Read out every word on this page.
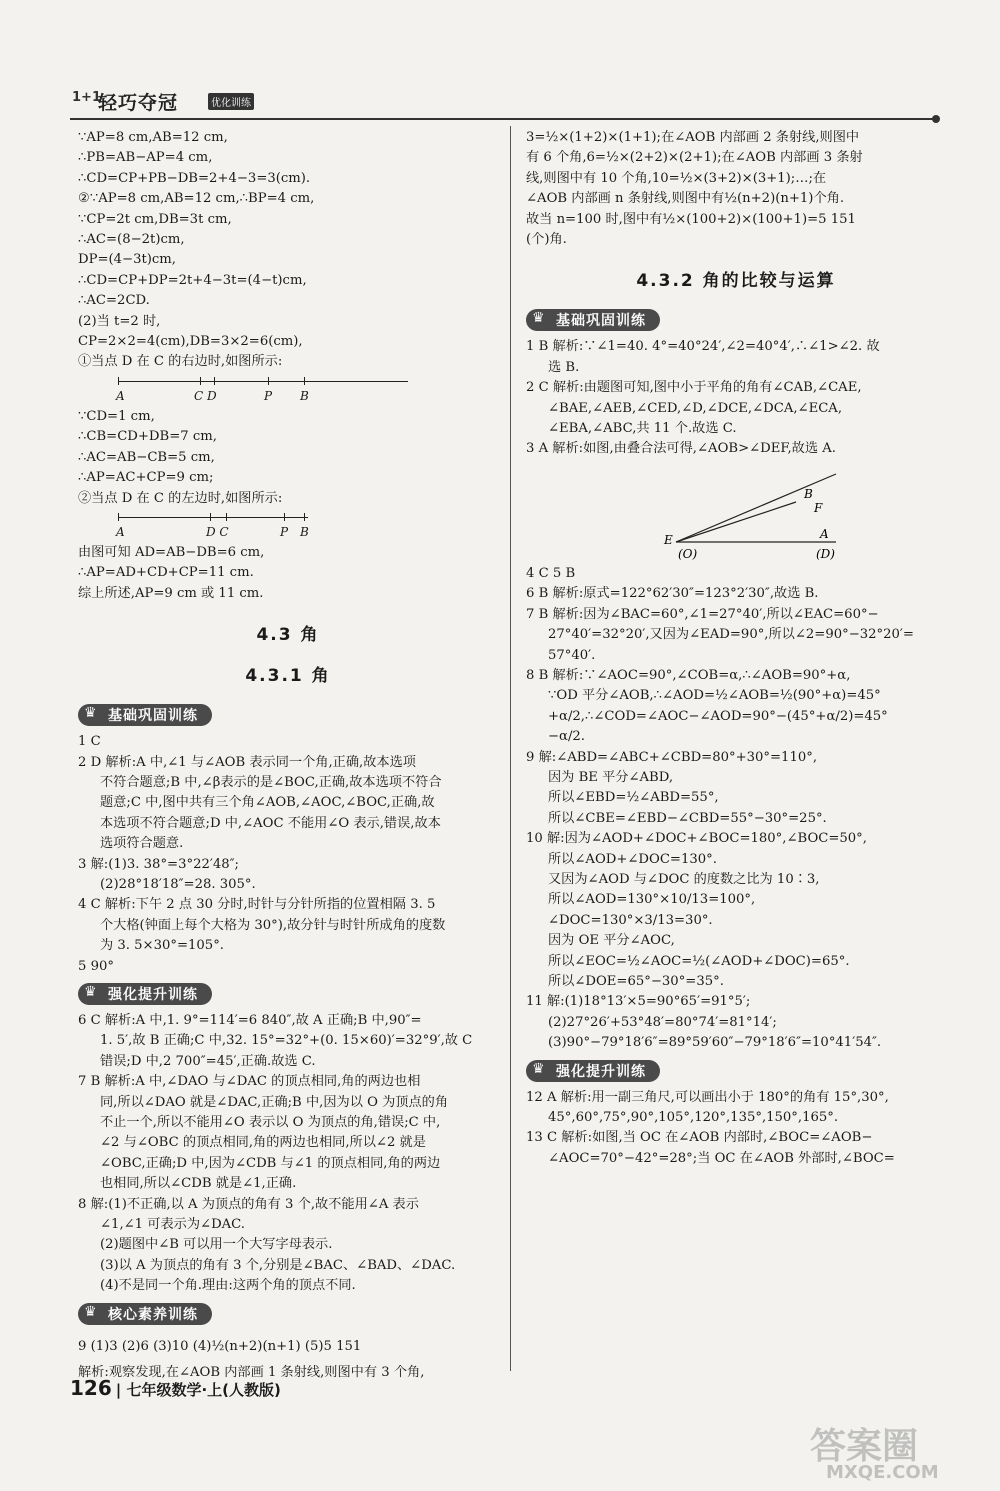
1+1
轻巧夺冠	优化训练
∵AP=8 cm,AB=12 cm,
∴PB=AB−AP=4 cm,
∴CD=CP+PB−DB=2+4−3=3(cm).
②∵AP=8 cm,AB=12 cm,∴BP=4 cm,
∵CP=2t cm,DB=3t cm,
∴AC=(8−2t)cm,
DP=(4−3t)cm,
∴CD=CP+DP=2t+4−3t=(4−t)cm,
∴AC=2CD.
(2)当 t=2 时,
CP=2×2=4(cm),DB=3×2=6(cm),
①当点 D 在 C 的右边时,如图所示:
A	C D	P B
∵CD=1 cm,
∴CB=CD+DB=7 cm,
∴AC=AB−CB=5 cm,
∴AP=AC+CP=9 cm;
②当点 D 在 C 的左边时,如图所示:
A	D C	P B
由图可知 AD=AB−DB=6 cm,
∴AP=AD+CD+CP=11 cm.
综上所述,AP=9 cm 或 11 cm.
4.3 角
4.3.1 角
♛ 基础巩固训练
1 C
2 D 解析:A 中,∠1 与∠AOB 表示同一个角,正确,故本选项
不符合题意;B 中,∠β表示的是∠BOC,正确,故本选项不符合
题意;C 中,图中共有三个角∠AOB,∠AOC,∠BOC,正确,故
本选项不符合题意;D 中,∠AOC 不能用∠O 表示,错误,故本
选项符合题意.
3 解:(1)3. 38°=3°22′48″;
(2)28°18′18″=28. 305°.
4 C 解析:下午 2 点 30 分时,时针与分针所指的位置相隔 3. 5
个大格(钟面上每个大格为 30°),故分针与时针所成角的度数
为 3. 5×30°=105°.
5 90°
♛ 强化提升训练
6 C 解析:A 中,1. 9°=114′=6 840″,故 A 正确;B 中,90″=
1. 5′,故 B 正确;C 中,32. 15°=32°+(0. 15×60)′=32°9′,故 C
错误;D 中,2 700″=45′,正确.故选 C.
7 B 解析:A 中,∠DAO 与∠DAC 的顶点相同,角的两边也相
同,所以∠DAO 就是∠DAC,正确;B 中,因为以 O 为顶点的角
不止一个,所以不能用∠O 表示以 O 为顶点的角,错误;C 中,
∠2 与∠OBC 的顶点相同,角的两边也相同,所以∠2 就是
∠OBC,正确;D 中,因为∠CDB 与∠1 的顶点相同,角的两边
也相同,所以∠CDB 就是∠1,正确.
8 解:(1)不正确,以 A 为顶点的角有 3 个,故不能用∠A 表示
∠1,∠1 可表示为∠DAC.
(2)题图中∠B 可以用一个大写字母表示.
(3)以 A 为顶点的角有 3 个,分别是∠BAC、∠BAD、∠DAC.
(4)不是同一个角.理由:这两个角的顶点不同.
♛ 核心素养训练
9 (1)3 (2)6 (3)10 (4)½(n+2)(n+1) (5)5 151
解析:观察发现,在∠AOB 内部画 1 条射线,则图中有 3 个角,
3=½×(1+2)×(1+1);在∠AOB 内部画 2 条射线,则图中
有 6 个角,6=½×(2+2)×(2+1);在∠AOB 内部画 3 条射
线,则图中有 10 个角,10=½×(3+2)×(3+1);…;在
∠AOB 内部画 n 条射线,则图中有½(n+2)(n+1)个角.
故当 n=100 时,图中有½×(100+2)×(100+1)=5 151
(个)角.
4.3.2 角的比较与运算
♛ 基础巩固训练
1 B 解析:∵∠1=40. 4°=40°24′,∠2=40°4′,∴∠1>∠2. 故
选 B.
2 C 解析:由题图可知,图中小于平角的角有∠CAB,∠CAE,
∠BAE,∠AEB,∠CED,∠D,∠DCE,∠DCA,∠ECA,
∠EBA,∠ABC,共 11 个.故选 C.
3 A 解析:如图,由叠合法可得,∠AOB>∠DEF,故选 A.
B
F
E	A
(O)	(D)
4 C 5 B
6 B 解析:原式=122°62′30″=123°2′30″,故选 B.
7 B 解析:因为∠BAC=60°,∠1=27°40′,所以∠EAC=60°−
27°40′=32°20′,又因为∠EAD=90°,所以∠2=90°−32°20′=
57°40′.
8 B 解析:∵∠AOC=90°,∠COB=α,∴∠AOB=90°+α,
∵OD 平分∠AOB,∴∠AOD=½∠AOB=½(90°+α)=45°
+α/2,∴∠COD=∠AOC−∠AOD=90°−(45°+α/2)=45°
−α/2.
9 解:∠ABD=∠ABC+∠CBD=80°+30°=110°,
因为 BE 平分∠ABD,
所以∠EBD=½∠ABD=55°,
所以∠CBE=∠EBD−∠CBD=55°−30°=25°.
10 解:因为∠AOD+∠DOC+∠BOC=180°,∠BOC=50°,
所以∠AOD+∠DOC=130°.
又因为∠AOD 与∠DOC 的度数之比为 10∶3,
所以∠AOD=130°×10/13=100°,
∠DOC=130°×3/13=30°.
因为 OE 平分∠AOC,
所以∠EOC=½∠AOC=½(∠AOD+∠DOC)=65°.
所以∠DOE=65°−30°=35°.
11 解:(1)18°13′×5=90°65′=91°5′;
(2)27°26′+53°48′=80°74′=81°14′;
(3)90°−79°18′6″=89°59′60″−79°18′6″=10°41′54″.
♛ 强化提升训练
12 A 解析:用一副三角尺,可以画出小于 180°的角有 15°,30°,
45°,60°,75°,90°,105°,120°,135°,150°,165°.
13 C 解析:如图,当 OC 在∠AOB 内部时,∠BOC=∠AOB−
∠AOC=70°−42°=28°;当 OC 在∠AOB 外部时,∠BOC=
126 | 七年级数学·上(人教版)
答案圈
MXQE.COM
